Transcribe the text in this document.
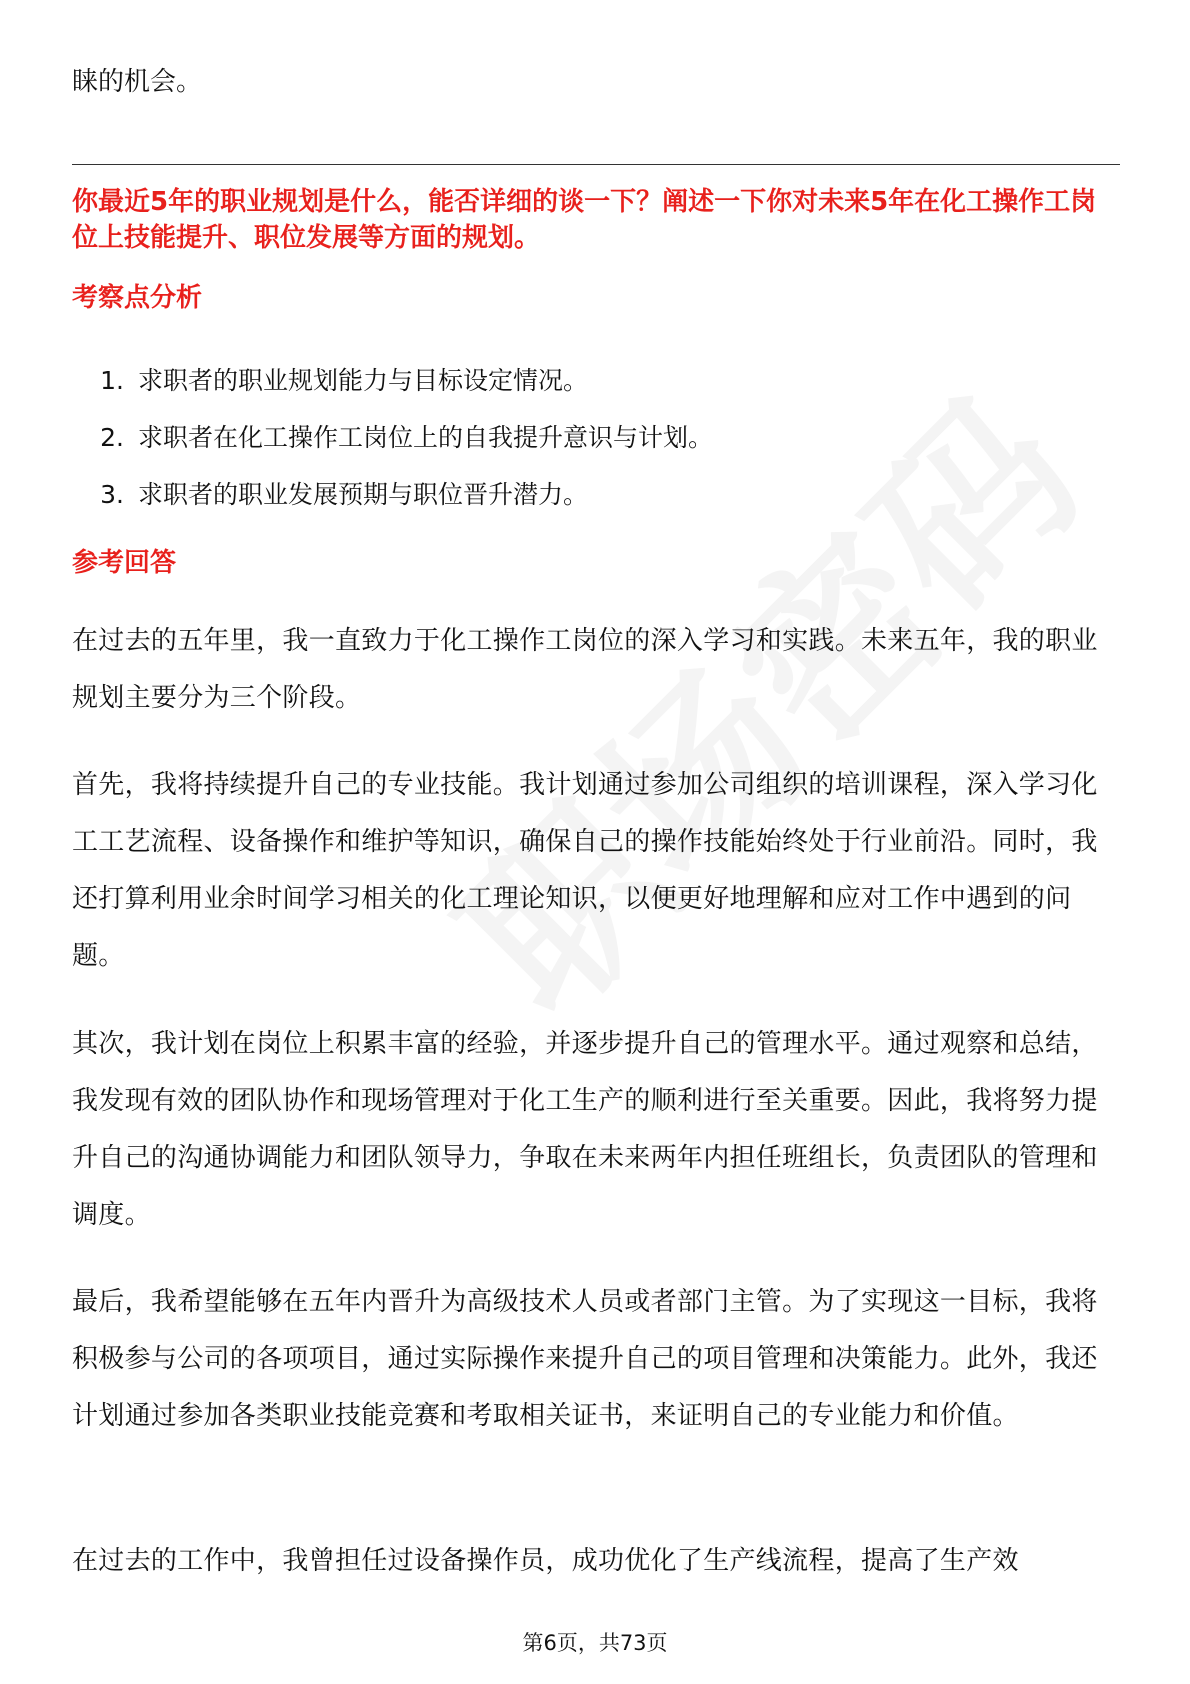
睐的机会。

你最近5年的职业规划是什么，能否详细的谈一下？阐述一下你对未来5年在化工操作工岗位上技能提升、职位发展等方面的规划。

考察点分析

1. 求职者的职业规划能力与目标设定情况。
2. 求职者在化工操作工岗位上的自我提升意识与计划。
3. 求职者的职业发展预期与职位晋升潜力。

参考回答

在过去的五年里，我一直致力于化工操作工岗位的深入学习和实践。未来五年，我的职业规划主要分为三个阶段。

首先，我将持续提升自己的专业技能。我计划通过参加公司组织的培训课程，深入学习化工工艺流程、设备操作和维护等知识，确保自己的操作技能始终处于行业前沿。同时，我还打算利用业余时间学习相关的化工理论知识，以便更好地理解和应对工作中遇到的问题。

其次，我计划在岗位上积累丰富的经验，并逐步提升自己的管理水平。通过观察和总结，我发现有效的团队协作和现场管理对于化工生产的顺利进行至关重要。因此，我将努力提升自己的沟通协调能力和团队领导力，争取在未来两年内担任班组长，负责团队的管理和调度。

最后，我希望能够在五年内晋升为高级技术人员或者部门主管。为了实现这一目标，我将积极参与公司的各项项目，通过实际操作来提升自己的项目管理和决策能力。此外，我还计划通过参加各类职业技能竞赛和考取相关证书，来证明自己的专业能力和价值。

在过去的工作中，我曾担任过设备操作员，成功优化了生产线流程，提高了生产效

第6页，共73页
